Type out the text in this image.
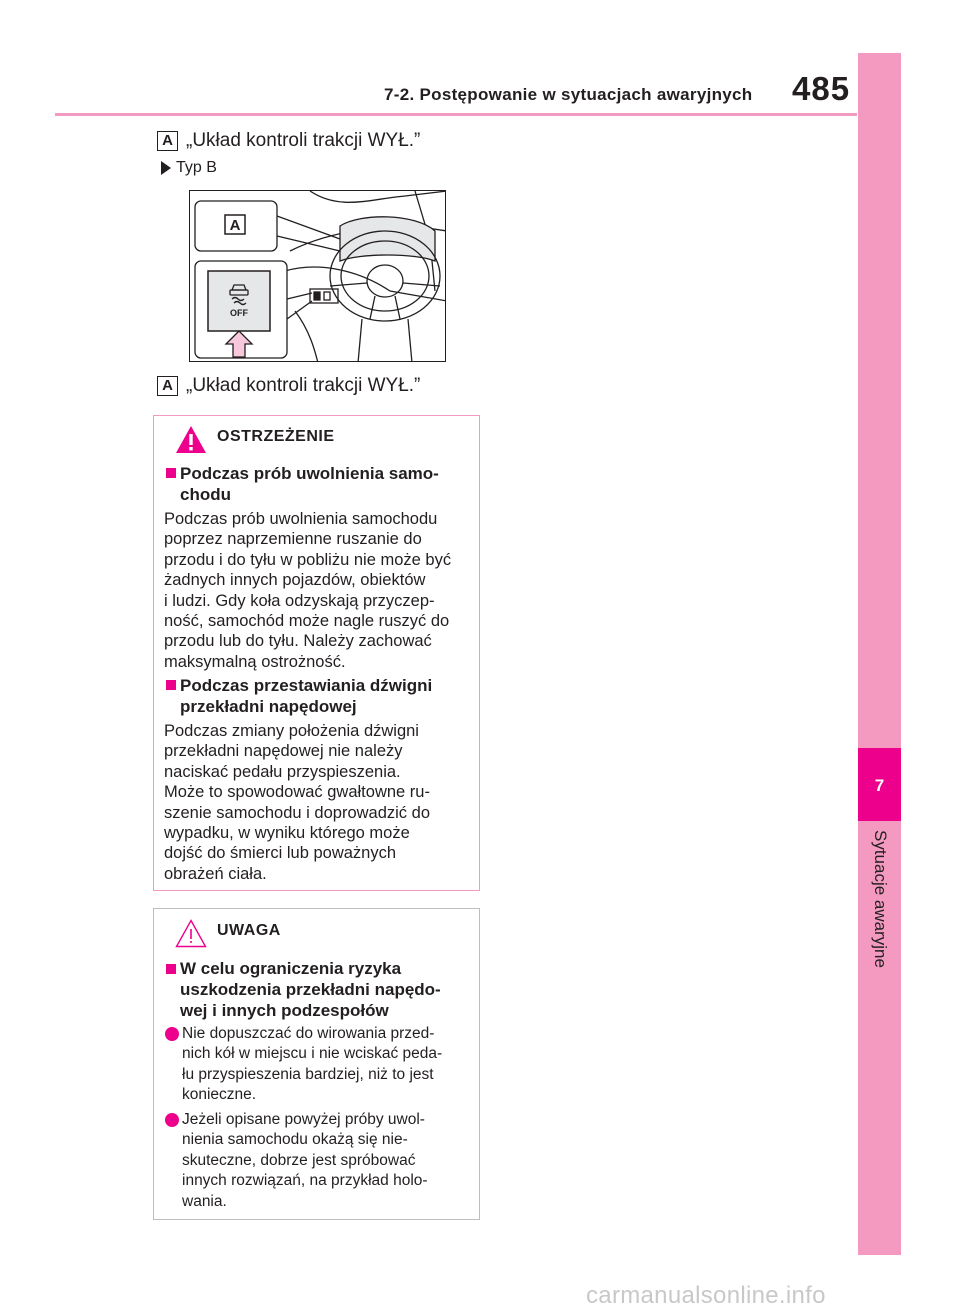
7-2. Postępowanie w sytuacjach awaryjnych 485
7
Sytuacje awaryjne
A „Układ kontroli trakcji WYŁ.”
Typ B
A
OFF
A „Układ kontroli trakcji WYŁ.”
OSTRZEŻENIE
Podczas prób uwolnienia samo-
chodu
Podczas prób uwolnienia samochodu
poprzez naprzemienne ruszanie do
przodu i do tyłu w pobliżu nie może być
żadnych innych pojazdów, obiektów
i ludzi. Gdy koła odzyskają przyczep-
ność, samochód może nagle ruszyć do
przodu lub do tyłu. Należy zachować
maksymalną ostrożność.
Podczas przestawiania dźwigni
przekładni napędowej
Podczas zmiany położenia dźwigni
przekładni napędowej nie należy
naciskać pedału przyspieszenia.
Może to spowodować gwałtowne ru-
szenie samochodu i doprowadzić do
wypadku, w wyniku którego może
dojść do śmierci lub poważnych
obrażeń ciała.
UWAGA
W celu ograniczenia ryzyka
uszkodzenia przekładni napędo-
wej i innych podzespołów
Nie dopuszczać do wirowania przed-
nich kół w miejscu i nie wciskać peda-
łu przyspieszenia bardziej, niż to jest
konieczne.
Jeżeli opisane powyżej próby uwol-
nienia samochodu okażą się nie-
skuteczne, dobrze jest spróbować
innych rozwiązań, na przykład holo-
wania.
carmanualsonline.info
